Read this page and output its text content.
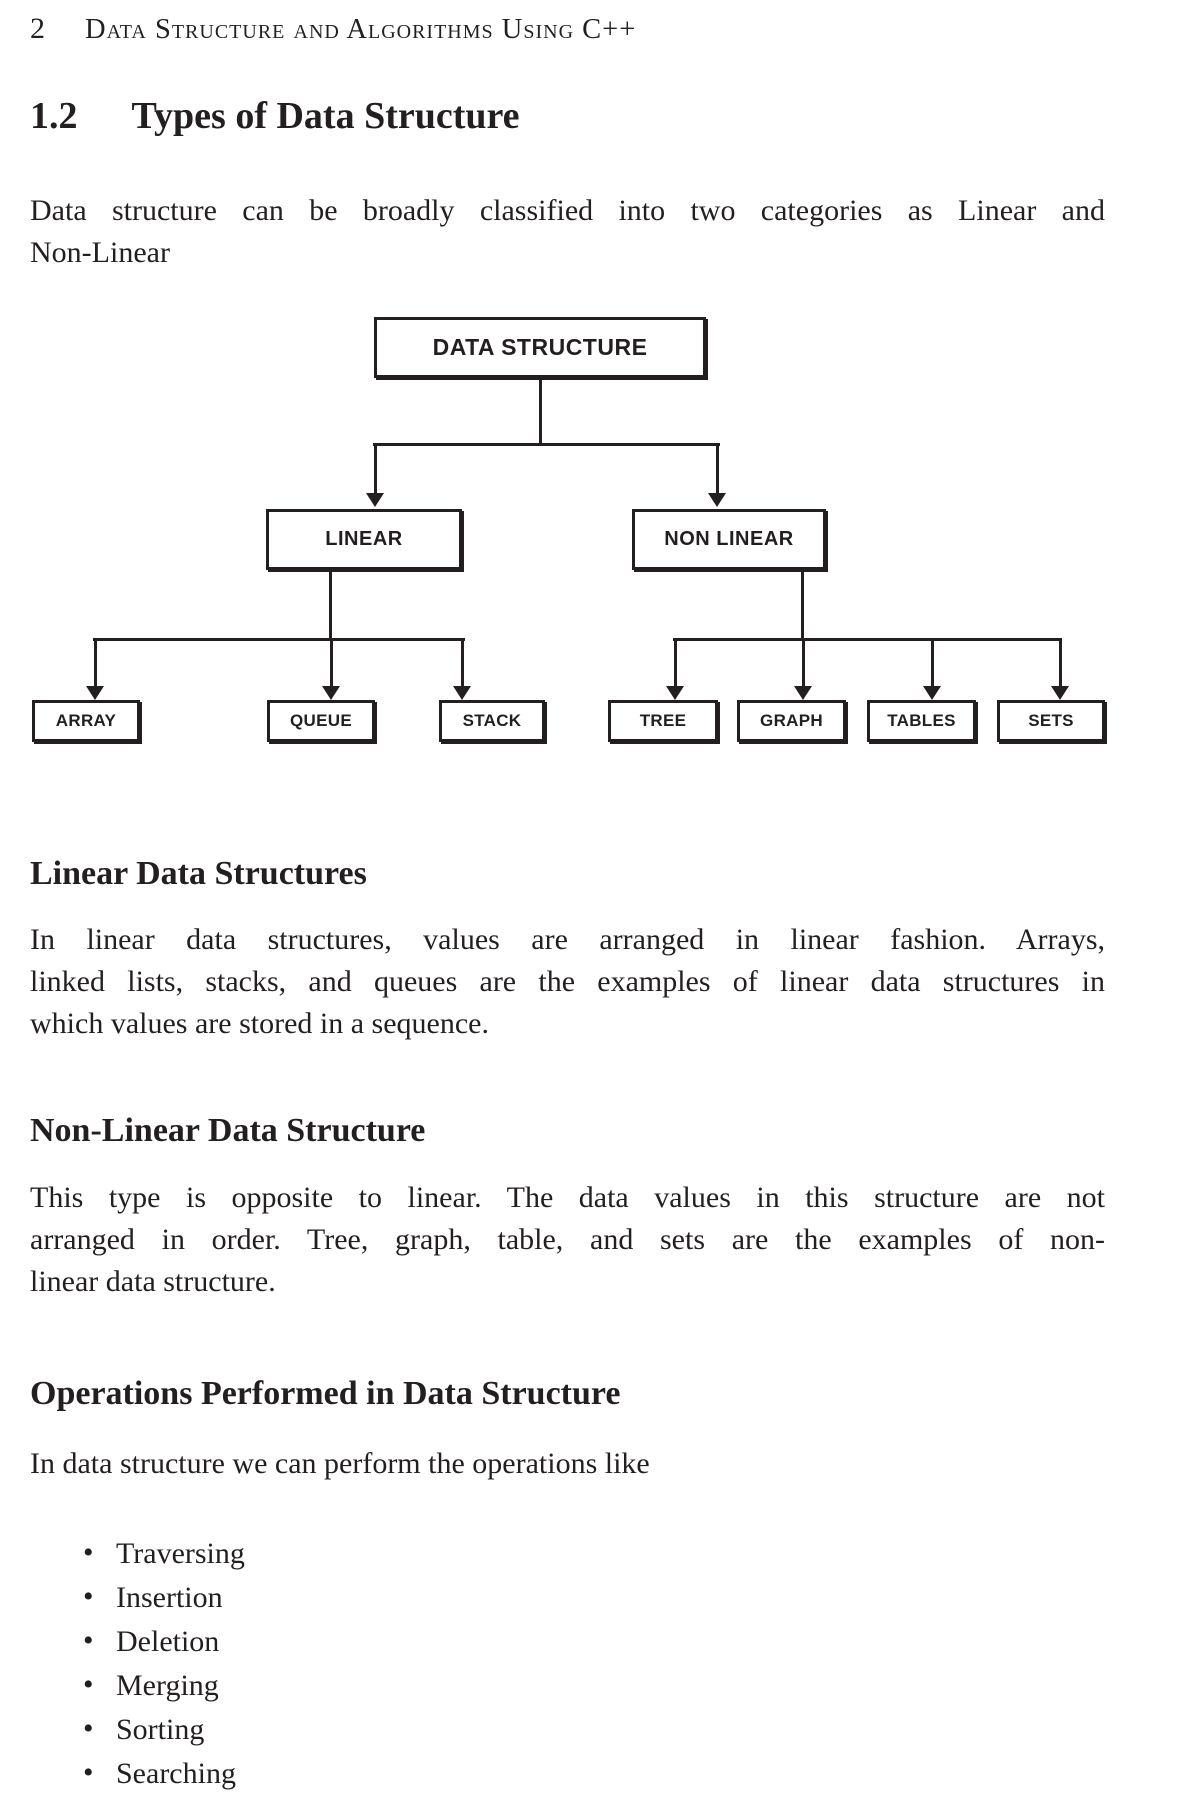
2 Data Structure and Algorithms Using C++
1.2 Types of Data Structure
Data structure can be broadly classified into two categories as Linear and
Non-Linear
DATA STRUCTURE
LINEAR	NON LINEAR
ARRAY	QUEUE	STACK	TREE	GRAPH	TABLES	SETS
Linear Data Structures
In linear data structures, values are arranged in linear fashion. Arrays,
linked lists, stacks, and queues are the examples of linear data structures in
which values are stored in a sequence.
Non-Linear Data Structure
This type is opposite to linear. The data values in this structure are not
arranged in order. Tree, graph, table, and sets are the examples of non-
linear data structure.
Operations Performed in Data Structure
In data structure we can perform the operations like
• Traversing
• Insertion
• Deletion
• Merging
• Sorting
• Searching
